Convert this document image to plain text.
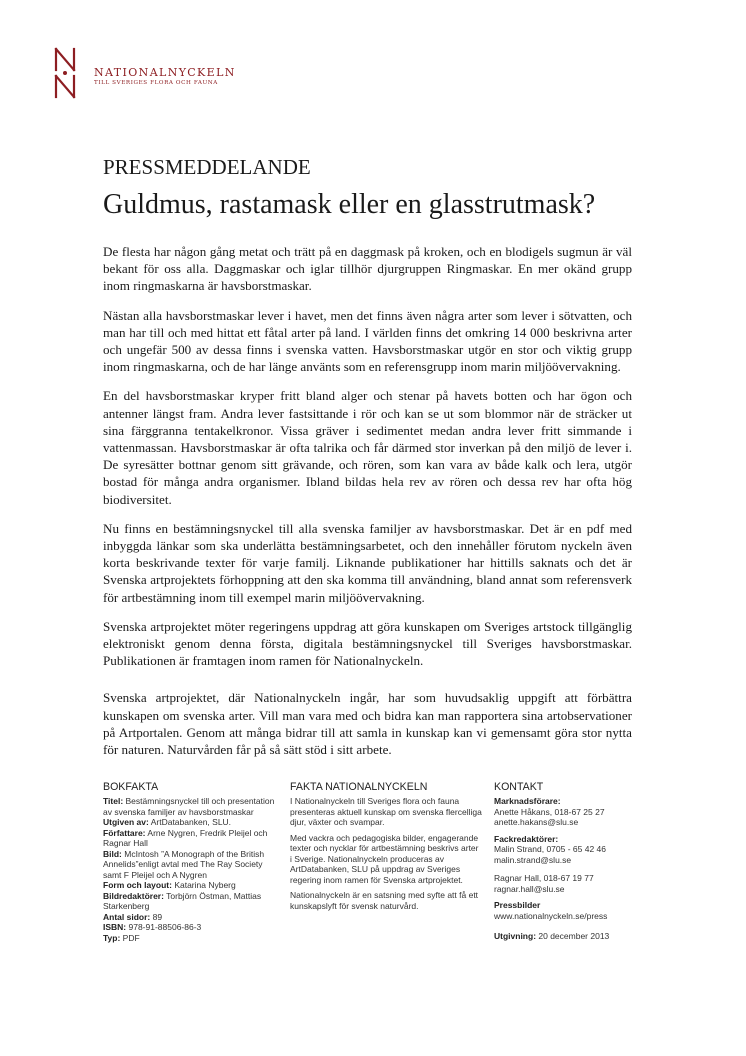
NATIONALNYCKELN
TILL SVERIGES FLORA OCH FAUNA
PRESSMEDDELANDE
Guldmus, rastamask eller en glasstrutmask?

De flesta har någon gång metat och trätt på en daggmask på kroken, och en blodigels sugmun är väl bekant för oss alla. Daggmaskar och iglar tillhör djurgruppen Ringmaskar. En mer okänd grupp inom ringmaskarna är havsborstmaskar.

Nästan alla havsborstmaskar lever i havet, men det finns även några arter som lever i sötvatten, och man har till och med hittat ett fåtal arter på land. I världen finns det omkring 14 000 beskrivna arter och ungefär 500 av dessa finns i svenska vatten. Havsborstmaskar utgör en stor och viktig grupp inom ringmaskarna, och de har länge använts som en referensgrupp inom marin miljöövervakning.

En del havsborstmaskar kryper fritt bland alger och stenar på havets botten och har ögon och antenner längst fram. Andra lever fastsittande i rör och kan se ut som blommor när de sträcker ut sina färggranna tentakelkronor. Vissa gräver i sedimentet medan andra lever fritt simmande i vattenmassan. Havsborstmaskar är ofta talrika och får därmed stor inverkan på den miljö de lever i. De syresätter bottnar genom sitt grävande, och rören, som kan vara av både kalk och lera, utgör bostad för många andra organismer. Ibland bildas hela rev av rören och dessa rev har ofta hög biodiversitet.

Nu finns en bestämningsnyckel till alla svenska familjer av havsborstmaskar. Det är en pdf med inbyggda länkar som ska underlätta bestämningsarbetet, och den innehåller förutom nyckeln även korta beskrivande texter för varje familj. Liknande publikationer har hittills saknats och det är Svenska artprojektets förhoppning att den ska komma till användning, bland annat som referensverk för artbestämning inom till exempel marin miljöövervakning.

Svenska artprojektet möter regeringens uppdrag att göra kunskapen om Sveriges artstock tillgänglig elektroniskt genom denna första, digitala bestämningsnyckel till Sveriges havsborstmaskar. Publikationen är framtagen inom ramen för Nationalnyckeln.

Svenska artprojektet, där Nationalnyckeln ingår, har som huvudsaklig uppgift att förbättra kunskapen om svenska arter. Vill man vara med och bidra kan man rapportera sina artobservationer på Artportalen. Genom att många bidrar till att samla in kunskap kan vi gemensamt göra stor nytta för naturen. Naturvården får på så sätt stöd i sitt arbete.

BOKFAKTA
Titel: Bestämningsnyckel till och presentation av svenska familjer av havsborstmaskar
Utgiven av: ArtDatabanken, SLU.
Författare: Arne Nygren, Fredrik Pleijel och Ragnar Hall
Bild: McIntosh ”A Monograph of the British Annelids”enligt avtal med The Ray Society samt F Pleijel och A Nygren
Form och layout: Katarina Nyberg
Bildredaktörer: Torbjörn Östman, Mattias Starkenberg
Antal sidor: 89
ISBN: 978-91-88506-86-3
Typ: PDF
FAKTA NATIONALNYCKELN

I Nationalnyckeln till Sveriges flora och fauna presenteras aktuell kunskap om svenska flercelliga djur, växter och svampar.

Med vackra och pedagogiska bilder, engagerande texter och nycklar för artbestämning beskrivs arter i Sverige. Nationalnyckeln produceras av ArtDatabanken, SLU på uppdrag av Sveriges regering inom ramen för Svenska artprojektet.

Nationalnyckeln är en satsning med syfte att få ett kunskapslyft för svensk naturvård.

KONTAKT
Marknadsförare:
Anette Håkans, 018-67 25 27
anette.hakans@slu.se
Fackredaktörer:
Malin Strand, 0705 - 65 42 46
malin.strand@slu.se
Ragnar Hall, 018-67 19 77
ragnar.hall@slu.se
Pressbilder
www.nationalnyckeln.se/press
Utgivning: 20 december 2013
